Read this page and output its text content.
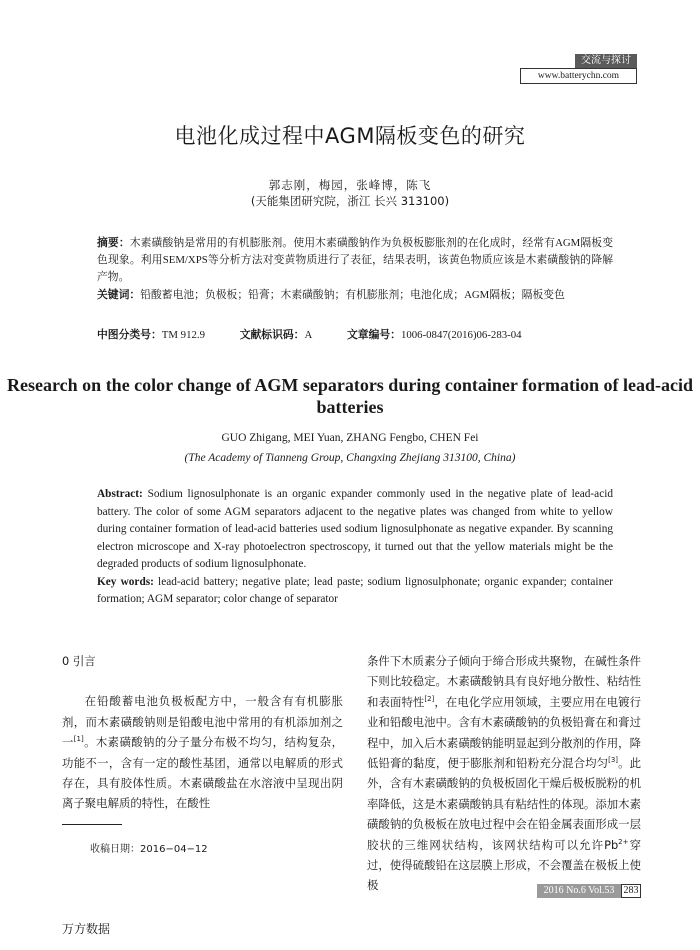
交流与探讨
www.batterychn.com
电池化成过程中AGM隔板变色的研究
郭志刚，梅园，张峰博，陈飞
(天能集团研究院，浙江 长兴 313100)
摘要：木素磺酸钠是常用的有机膨胀剂。使用木素磺酸钠作为负极板膨胀剂的在化成时，经常有AGM隔板变色现象。利用SEM/XPS等分析方法对变黄物质进行了表征，结果表明，该黄色物质应该是木素磺酸钠的降解产物。
关键词：铅酸蓄电池；负极板；铅膏；木素磺酸钠；有机膨胀剂；电池化成；AGM隔板；隔板变色
中图分类号：TM 912.9	文献标识码：A	文章编号：1006-0847(2016)06-283-04
Research on the color change of AGM separators during container formation of lead-acid batteries
GUO Zhigang, MEI Yuan, ZHANG Fengbo, CHEN Fei
(The Academy of Tianneng Group, Changxing Zhejiang 313100, China)
Abstract: Sodium lignosulphonate is an organic expander commonly used in the negative plate of lead-acid battery. The color of some AGM separators adjacent to the negative plates was changed from white to yellow during container formation of lead-acid batteries used sodium lignosulphonate as negative expander. By scanning electron microscope and X-ray photoelectron spectroscopy, it turned out that the yellow materials might be the degraded products of sodium lignosulphonate.
Key words: lead-acid battery; negative plate; lead paste; sodium lignosulphonate; organic expander; container formation; AGM separator; color change of separator
0 引言

在铅酸蓄电池负极板配方中，一般含有有机膨胀剂，而木素磺酸钠则是铅酸电池中常用的有机添加剂之一[1]。木素磺酸钠的分子量分布极不均匀，结构复杂，功能不一，含有一定的酸性基团，通常以电解质的形式存在，具有胶体性质。木素磺酸盐在水溶液中呈现出阴离子聚电解质的特性，在酸性

条件下木质素分子倾向于缔合形成共聚物，在碱性条件下则比较稳定。木素磺酸钠具有良好地分散性、粘结性和表面特性[2]，在电化学应用领域，主要应用在电镀行业和铅酸电池中。含有木素磺酸钠的负极铅膏在和膏过程中，加入后木素磺酸钠能明显起到分散剂的作用，降低铅膏的黏度，便于膨胀剂和铅粉充分混合均匀[3]。此外，含有木素磺酸钠的负极板固化干燥后极板脱粉的机率降低，这是木素磺酸钠具有粘结性的体现。添加木素磺酸钠的负极板在放电过程中会在铅金属表面形成一层胶状的三维网状结构，该网状结构可以允许$Pb^{2+}$穿过，使得硫酸铅在这层膜上形成，不会覆盖在极板上使极

收稿日期：2016−04−12
2016 No.6 Vol.53 283
万方数据
